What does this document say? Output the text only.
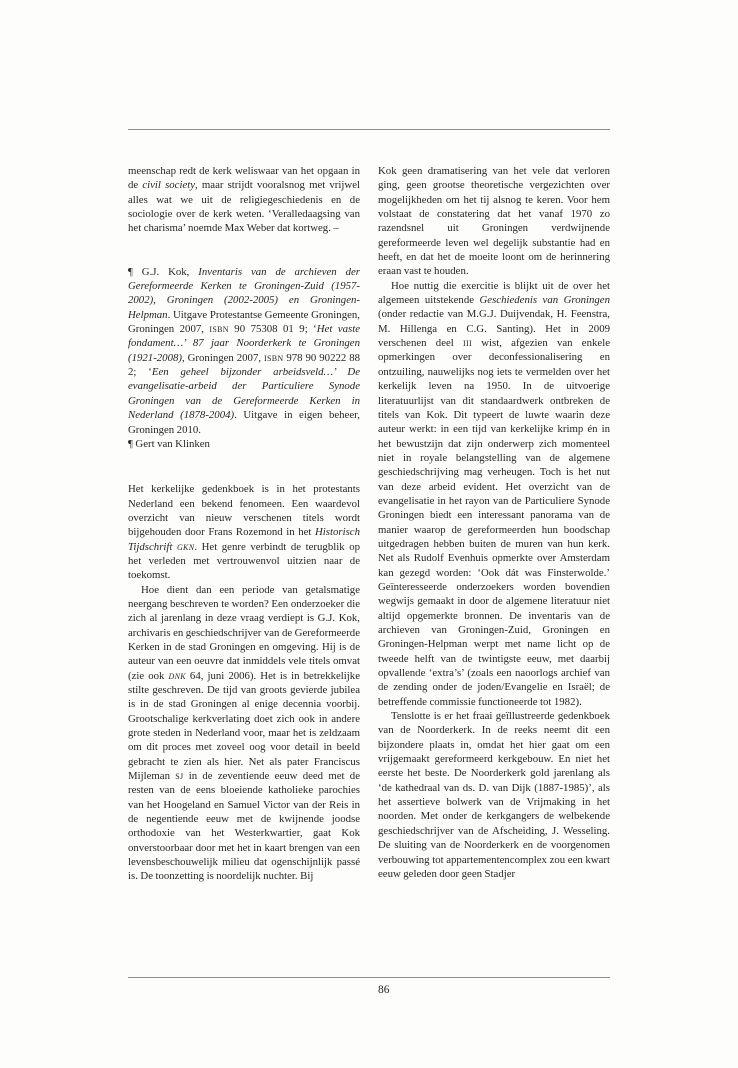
meenschap redt de kerk weliswaar van het opgaan in de civil society, maar strijdt vooralsnog met vrijwel alles wat we uit de religiegeschiedenis en de sociologie over de kerk weten. ‘Veralledaagsing van het charisma’ noemde Max Weber dat kortweg. –

¶ G.J. Kok, Inventaris van de archieven der Gereformeerde Kerken te Groningen-Zuid (1957-2002), Groningen (2002-2005) en Groningen-Helpman. Uitgave Protestantse Gemeente Groningen, Groningen 2007, isbn 90 75308 01 9; ‘Het vaste fondament…’ 87 jaar Noorderkerk te Groningen (1921-2008), Groningen 2007, isbn 978 90 90222 88 2; ‘Een geheel bijzonder arbeidsveld…’ De evangelisatie-arbeid der Particuliere Synode Groningen van de Gereformeerde Kerken in Nederland (1878-2004). Uitgave in eigen beheer, Groningen 2010.

¶ Gert van Klinken

Het kerkelijke gedenkboek is in het protestants Nederland een bekend fenomeen. Een waardevol overzicht van nieuw verschenen titels wordt bijgehouden door Frans Rozemond in het Historisch Tijdschrift gkn. Het genre verbindt de terugblik op het verleden met vertrouwenvol uitzien naar de toekomst.

Hoe dient dan een periode van getalsmatige neergang beschreven te worden? Een onderzoeker die zich al jarenlang in deze vraag verdiept is G.J. Kok, archivaris en geschiedschrijver van de Gereformeerde Kerken in de stad Groningen en omgeving. Hij is de auteur van een oeuvre dat inmiddels vele titels omvat (zie ook dnk 64, juni 2006). Het is in betrekkelijke stilte geschreven. De tijd van groots gevierde jubilea is in de stad Groningen al enige decennia voorbij. Grootschalige kerkverlating doet zich ook in andere grote steden in Nederland voor, maar het is zeldzaam om dit proces met zoveel oog voor detail in beeld gebracht te zien als hier. Net als pater Franciscus Mijleman sj in de zeventiende eeuw deed met de resten van de eens bloeiende katholieke parochies van het Hoogeland en Samuel Victor van der Reis in de negentiende eeuw met de kwijnende joodse orthodoxie van het Westerkwartier, gaat Kok onverstoorbaar door met het in kaart brengen van een levensbeschouwelijk milieu dat ogenschijnlijk passé is. De toonzetting is noordelijk nuchter. Bij

Kok geen dramatisering van het vele dat verloren ging, geen grootse theoretische vergezichten over mogelijkheden om het tij alsnog te keren. Voor hem volstaat de constatering dat het vanaf 1970 zo razendsnel uit Groningen verdwijnende gereformeerde leven wel degelijk substantie had en heeft, en dat het de moeite loont om de herinnering eraan vast te houden.

Hoe nuttig die exercitie is blijkt uit de over het algemeen uitstekende Geschiedenis van Groningen (onder redactie van M.G.J. Duijvendak, H. Feenstra, M. Hillenga en C.G. Santing). Het in 2009 verschenen deel iii wist, afgezien van enkele opmerkingen over deconfessionalisering en ontzuiling, nauwelijks nog iets te vermelden over het kerkelijk leven na 1950. In de uitvoerige literatuurlijst van dit standaardwerk ontbreken de titels van Kok. Dit typeert de luwte waarin deze auteur werkt: in een tijd van kerkelijke krimp én in het bewustzijn dat zijn onderwerp zich momenteel niet in royale belangstelling van de algemene geschiedschrijving mag verheugen. Toch is het nut van deze arbeid evident. Het overzicht van de evangelisatie in het rayon van de Particuliere Synode Groningen biedt een interessant panorama van de manier waarop de gereformeerden hun boodschap uitgedragen hebben buiten de muren van hun kerk. Net als Rudolf Evenhuis opmerkte over Amsterdam kan gezegd worden: ‘Ook dát was Finsterwolde.’ Geïnteresseerde onderzoekers worden bovendien wegwijs gemaakt in door de algemene literatuur niet altijd opgemerkte bronnen. De inventaris van de archieven van Groningen-Zuid, Groningen en Groningen-Helpman werpt met name licht op de tweede helft van de twintigste eeuw, met daarbij opvallende ‘extra’s’ (zoals een naoorlogs archief van de zending onder de joden/Evangelie en Israël; de betreffende commissie functioneerde tot 1982).

Tenslotte is er het fraai geïllustreerde gedenkboek van de Noorderkerk. In de reeks neemt dit een bijzondere plaats in, omdat het hier gaat om een vrijgemaakt gereformeerd kerkgebouw. En niet het eerste het beste. De Noorderkerk gold jarenlang als ‘de kathedraal van ds. D. van Dijk (1887-1985)’, als het assertieve bolwerk van de Vrijmaking in het noorden. Met onder de kerkgangers de welbekende geschiedschrijver van de Afscheiding, J. Wesseling. De sluiting van de Noorderkerk en de voorgenomen verbouwing tot appartementencomplex zou een kwart eeuw geleden door geen Stadjer

86
